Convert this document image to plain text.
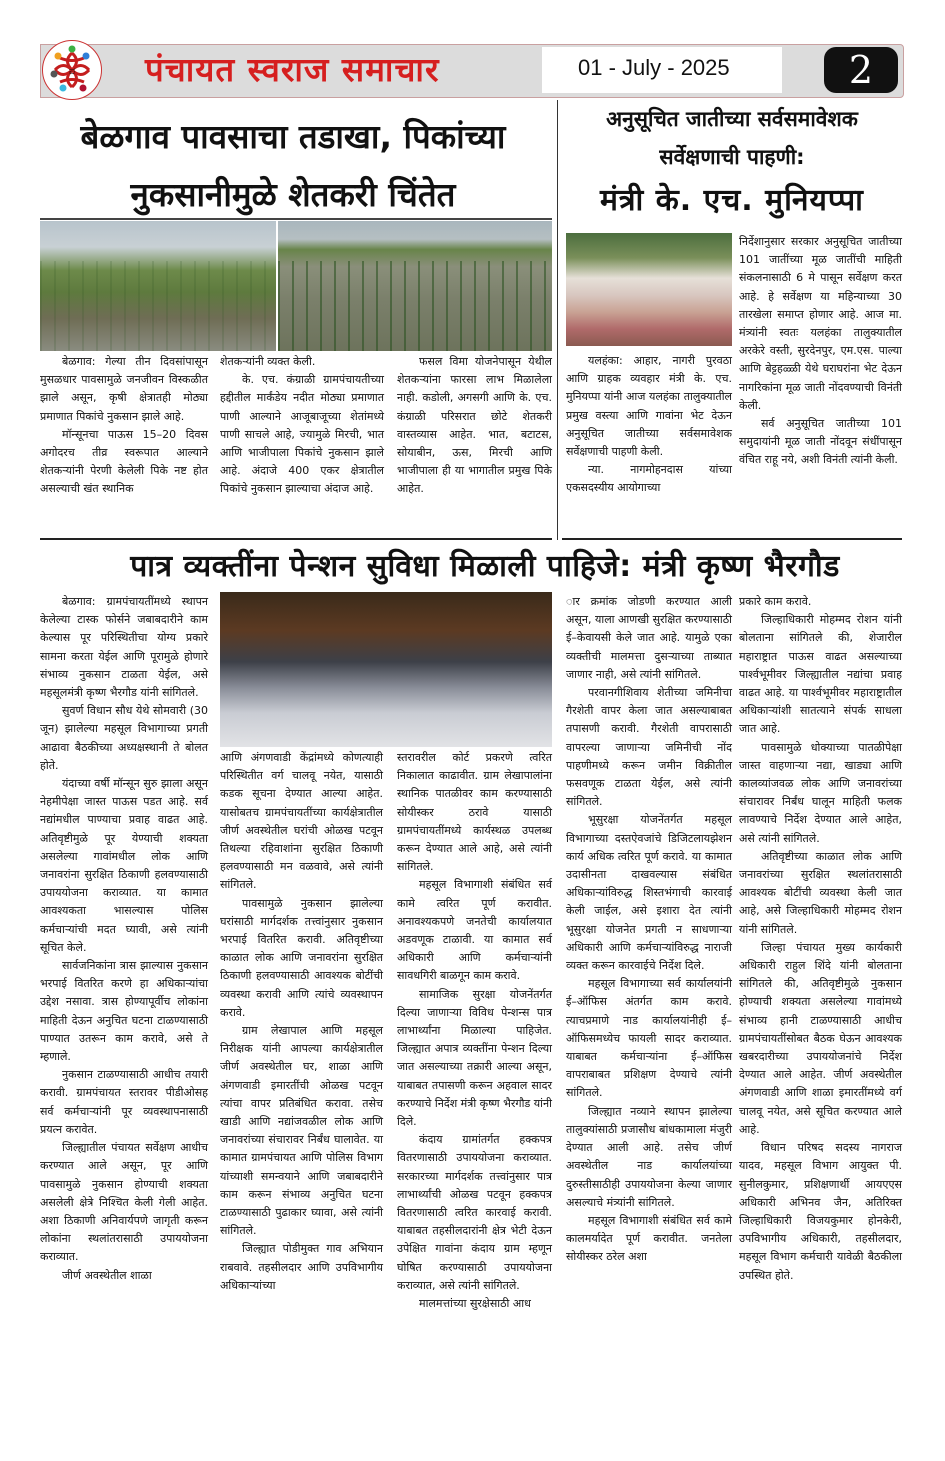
ಪ पंचायत स्वराज समाचार	01 - July - 2025	2
बेळगाव पावसाचा तडाखा, पिकांच्या
नुकसानीमुळे शेतकरी चिंतेत

बेळगाव: गेल्या तीन दिवसांपासून मुसळधार पावसामुळे जनजीवन विस्कळीत झाले असून, कृषी क्षेत्रातही मोठ्या प्रमाणात पिकांचे नुकसान झाले आहे.

मॉन्सूनचा पाऊस 15–20 दिवस अगोदरच तीव्र स्वरूपात आल्याने शेतकऱ्यांनी पेरणी केलेली पिके नष्ट होत असल्याची खंत स्थानिक

शेतकऱ्यांनी व्यक्त केली.

के. एच. कंग्राळी ग्रामपंचायतीच्या हद्दीतील मार्कंडेय नदीत मोठ्या प्रमाणात पाणी आल्याने आजूबाजूच्या शेतांमध्ये पाणी साचले आहे, ज्यामुळे मिरची, भात आणि भाजीपाला पिकांचे नुकसान झाले आहे. अंदाजे 400 एकर क्षेत्रातील पिकांचे नुकसान झाल्याचा अंदाज आहे.

फसल विमा योजनेपासून येथील शेतकऱ्यांना फारसा लाभ मिळालेला नाही. कडोली, अगसगी आणि के. एच. कंग्राळी परिसरात छोटे शेतकरी वास्तव्यास आहेत. भात, बटाटस, सोयाबीन, ऊस, मिरची आणि भाजीपाला ही या भागातील प्रमुख पिके आहेत.

अनुसूचित जातीच्या सर्वसमावेशक
सर्वेक्षणाची पाहणी:
मंत्री के. एच. मुनियप्पा

यलहंका: आहार, नागरी पुरवठा आणि ग्राहक व्यवहार मंत्री के. एच. मुनियप्पा यांनी आज यलहंका तालुक्यातील प्रमुख वस्त्या आणि गावांना भेट देऊन अनुसूचित जातीच्या सर्वसमावेशक सर्वेक्षणाची पाहणी केली.

न्या. नागमोहनदास यांच्या एकसदस्यीय आयोगाच्या

निर्देशानुसार सरकार अनुसूचित जातीच्या 101 जातींच्या मूळ जातींची माहिती संकलनासाठी 6 मे पासून सर्वेक्षण करत आहे. हे सर्वेक्षण या महिन्याच्या 30 तारखेला समाप्त होणार आहे. आज मा. मंत्र्यांनी स्वतः यलहंका तालुक्यातील अरकेरे वस्ती, सुरदेनपुर, एम.एस. पाल्या आणि बेट्टहळ्ळी येथे घराघरांना भेट देऊन नागरिकांना मूळ जाती नोंदवण्याची विनंती केली.

सर्व अनुसूचित जातीच्या 101 समुदायांनी मूळ जाती नोंदवून संधींपासून वंचित राहू नये, अशी विनंती त्यांनी केली.

पात्र व्यक्तींना पेन्शन सुविधा मिळाली पाहिजे: मंत्री कृष्ण भैरगौड

बेळगाव: ग्रामपंचायतींमध्ये स्थापन केलेल्या टास्क फोर्सने जबाबदारीने काम केल्यास पूर परिस्थितीचा योग्य प्रकारे सामना करता येईल आणि पूरामुळे होणारे संभाव्य नुकसान टाळता येईल, असे महसूलमंत्री कृष्ण भैरगौड यांनी सांगितले.

सुवर्ण विधान सौध येथे सोमवारी (30 जून) झालेल्या महसूल विभागाच्या प्रगती आढावा बैठकीच्या अध्यक्षस्थानी ते बोलत होते.

यंदाच्या वर्षी मॉन्सून सुरु झाला असून नेहमीपेक्षा जास्त पाऊस पडत आहे. सर्व नद्यांमधील पाण्याचा प्रवाह वाढत आहे. अतिवृष्टीमुळे पूर येण्याची शक्यता असलेल्या गावांमधील लोक आणि जनावरांना सुरक्षित ठिकाणी हलवण्यासाठी उपाययोजना कराव्यात. या कामात आवश्यकता भासल्यास पोलिस कर्मचाऱ्यांची मदत घ्यावी, असे त्यांनी सूचित केले.

सार्वजनिकांना त्रास झाल्यास नुकसान भरपाई वितरित करणे हा अधिकाऱ्यांचा उद्देश नसावा. त्रास होण्यापूर्वीच लोकांना माहिती देऊन अनुचित घटना टाळण्यासाठी पाण्यात उतरून काम करावे, असे ते म्हणाले.

नुकसान टाळण्यासाठी आधीच तयारी करावी. ग्रामपंचायत स्तरावर पीडीओसह सर्व कर्मचाऱ्यांनी पूर व्यवस्थापनासाठी प्रयत्न करावेत.

जिल्ह्यातील पंचायत सर्वेक्षण आधीच करण्यात आले असून, पूर आणि पावसामुळे नुकसान होण्याची शक्यता असलेली क्षेत्रे निश्चित केली गेली आहेत. अशा ठिकाणी अनिवार्यपणे जागृती करून लोकांना स्थलांतरासाठी उपाययोजना कराव्यात.

जीर्ण अवस्थेतील शाळा

आणि अंगणवाडी केंद्रांमध्ये कोणत्याही परिस्थितीत वर्ग चालवू नयेत, यासाठी कडक सूचना देण्यात आल्या आहेत. यासोबतच ग्रामपंचायतींच्या कार्यक्षेत्रातील जीर्ण अवस्थेतील घरांची ओळख पटवून तिथल्या रहिवाशांना सुरक्षित ठिकाणी हलवण्यासाठी मन वळवावे, असे त्यांनी सांगितले.

पावसामुळे नुकसान झालेल्या घरांसाठी मार्गदर्शक तत्त्वांनुसार नुकसान भरपाई वितरित करावी. अतिवृष्टीच्या काळात लोक आणि जनावरांना सुरक्षित ठिकाणी हलवण्यासाठी आवश्यक बोटींची व्यवस्था करावी आणि त्यांचे व्यवस्थापन करावे.

ग्राम लेखापाल आणि महसूल निरीक्षक यांनी आपल्या कार्यक्षेत्रातील जीर्ण अवस्थेतील घर, शाळा आणि अंगणवाडी इमारतींची ओळख पटवून त्यांचा वापर प्रतिबंधित करावा. तसेच खाडी आणि नद्यांजवळील लोक आणि जनावरांच्या संचारावर निर्बंध घालावेत. या कामात ग्रामपंचायत आणि पोलिस विभाग यांच्याशी समन्वयाने आणि जबाबदारीने काम करून संभाव्य अनुचित घटना टाळण्यासाठी पुढाकार घ्यावा, असे त्यांनी सांगितले.

जिल्ह्यात पोडीमुक्त गाव अभियान राबवावे. तहसीलदार आणि उपविभागीय अधिकाऱ्यांच्या

स्तरावरील कोर्ट प्रकरणे त्वरित निकालात काढावीत. ग्राम लेखापालांना स्थानिक पातळीवर काम करण्यासाठी सोयीस्कर ठरावे यासाठी ग्रामपंचायतींमध्ये कार्यस्थळ उपलब्ध करून देण्यात आले आहे, असे त्यांनी सांगितले.

महसूल विभागाशी संबंधित सर्व कामे त्वरित पूर्ण करावीत. अनावश्यकपणे जनतेची कार्यालयात अडवणूक टाळावी. या कामात सर्व अधिकारी आणि कर्मचाऱ्यांनी सावधगिरी बाळगून काम करावे.

सामाजिक सुरक्षा योजनेंतर्गत दिल्या जाणाऱ्या विविध पेन्शन्स पात्र लाभार्थ्यांना मिळाल्या पाहिजेत. जिल्ह्यात अपात्र व्यक्तींना पेन्शन दिल्या जात असल्याच्या तक्रारी आल्या असून, याबाबत तपासणी करून अहवाल सादर करण्याचे निर्देश मंत्री कृष्ण भैरगौड यांनी दिले.

कंदाय ग्रामांतर्गत हक्कपत्र वितरणासाठी उपाययोजना कराव्यात. सरकारच्या मार्गदर्शक तत्त्वांनुसार पात्र लाभार्थ्यांची ओळख पटवून हक्कपत्र वितरणासाठी त्वरित कारवाई करावी. याबाबत तहसीलदारांनी क्षेत्र भेटी देऊन उपेक्षित गावांना कंदाय ग्राम म्हणून घोषित करण्यासाठी उपाययोजना कराव्यात, असे त्यांनी सांगितले.

मालमत्तांच्या सुरक्षेसाठी आध

ार क्रमांक जोडणी करण्यात आली असून, याला आणखी सुरक्षित करण्यासाठी ई–केवायसी केले जात आहे. यामुळे एका व्यक्तीची मालमत्ता दुसऱ्याच्या ताब्यात जाणार नाही, असे त्यांनी सांगितले.

परवानगीशिवाय शेतीच्या जमिनीचा गैरशेती वापर केला जात असल्याबाबत तपासणी करावी. गैरशेती वापरासाठी वापरल्या जाणाऱ्या जमिनीची नोंद पाहणीमध्ये करून जमीन विक्रीतील फसवणूक टाळता येईल, असे त्यांनी सांगितले.

भूसुरक्षा योजनेंतर्गत महसूल विभागाच्या दस्तऐवजांचे डिजिटलायझेशन कार्य अधिक त्वरित पूर्ण करावे. या कामात उदासीनता दाखवल्यास संबंधित अधिकाऱ्यांविरुद्ध शिस्तभंगाची कारवाई केली जाईल, असे इशारा देत त्यांनी भूसुरक्षा योजनेत प्रगती न साधणाऱ्या अधिकारी आणि कर्मचाऱ्यांविरुद्ध नाराजी व्यक्त करून कारवाईचे निर्देश दिले.

महसूल विभागाच्या सर्व कार्यालयांनी ई–ऑफिस अंतर्गत काम करावे. त्याचप्रमाणे नाड कार्यालयांनीही ई–ऑफिसमध्येच फायली सादर कराव्यात. याबाबत कर्मचाऱ्यांना ई–ऑफिस वापराबाबत प्रशिक्षण देण्याचे त्यांनी सांगितले.

जिल्ह्यात नव्याने स्थापन झालेल्या तालुक्यांसाठी प्रजासौध बांधकामाला मंजुरी देण्यात आली आहे. तसेच जीर्ण अवस्थेतील नाड कार्यालयांच्या दुरुस्तीसाठीही उपाययोजना केल्या जाणार असल्याचे मंत्र्यांनी सांगितले.

महसूल विभागाशी संबंधित सर्व कामे कालमर्यादेत पूर्ण करावीत. जनतेला सोयीस्कर ठरेल अशा

प्रकारे काम करावे.

जिल्हाधिकारी मोहम्मद रोशन यांनी बोलताना सांगितले की, शेजारील महाराष्ट्रात पाऊस वाढत असल्याच्या पार्श्वभूमीवर जिल्ह्यातील नद्यांचा प्रवाह वाढत आहे. या पार्श्वभूमीवर महाराष्ट्रातील अधिकाऱ्यांशी सातत्याने संपर्क साधला जात आहे.

पावसामुळे धोक्याच्या पातळीपेक्षा जास्त वाहणाऱ्या नद्या, खाड्या आणि कालव्यांजवळ लोक आणि जनावरांच्या संचारावर निर्बंध घालून माहिती फलक लावण्याचे निर्देश देण्यात आले आहेत, असे त्यांनी सांगितले.

अतिवृष्टीच्या काळात लोक आणि जनावरांच्या सुरक्षित स्थलांतरासाठी आवश्यक बोटींची व्यवस्था केली जात आहे, असे जिल्हाधिकारी मोहम्मद रोशन यांनी सांगितले.

जिल्हा पंचायत मुख्य कार्यकारी अधिकारी राहुल शिंदे यांनी बोलताना सांगितले की, अतिवृष्टीमुळे नुकसान होण्याची शक्यता असलेल्या गावांमध्ये संभाव्य हानी टाळण्यासाठी आधीच ग्रामपंचायतींसोबत बैठक घेऊन आवश्यक खबरदारीच्या उपाययोजनांचे निर्देश देण्यात आले आहेत. जीर्ण अवस्थेतील अंगणवाडी आणि शाळा इमारतींमध्ये वर्ग चालवू नयेत, असे सूचित करण्यात आले आहे.

विधान परिषद सदस्य नागराज यादव, महसूल विभाग आयुक्त पी. सुनीलकुमार, प्रशिक्षणार्थी आयएएस अधिकारी अभिनव जैन, अतिरिक्त जिल्हाधिकारी विजयकुमार होनकेरी, उपविभागीय अधिकारी, तहसीलदार, महसूल विभाग कर्मचारी यावेळी बैठकीला उपस्थित होते.
